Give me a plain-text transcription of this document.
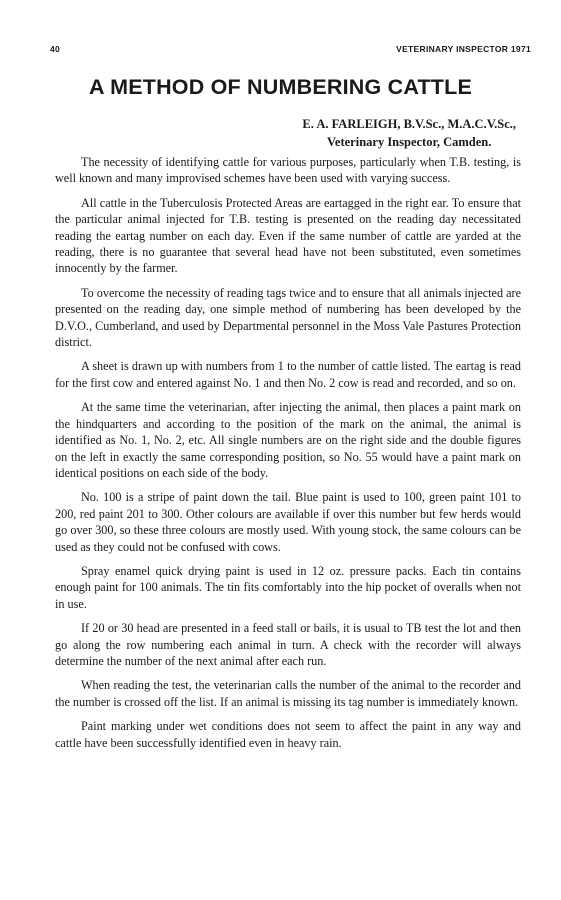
40	VETERINARY INSPECTOR 1971
A METHOD OF NUMBERING CATTLE
E. A. FARLEIGH, B.V.Sc., M.A.C.V.Sc.,
Veterinary Inspector, Camden.

The necessity of identifying cattle for various purposes, particularly when T.B. testing, is well known and many improvised schemes have been used with varying success.

All cattle in the Tuberculosis Protected Areas are eartagged in the right ear. To ensure that the particular animal injected for T.B. testing is presented on the reading day necessitated reading the eartag number on each day. Even if the same number of cattle are yarded at the reading, there is no guarantee that several head have not been substituted, even sometimes innocently by the farmer.

To overcome the necessity of reading tags twice and to ensure that all animals injected are presented on the reading day, one simple method of numbering has been developed by the D.V.O., Cumberland, and used by Departmental personnel in the Moss Vale Pastures Protection district.

A sheet is drawn up with numbers from 1 to the number of cattle listed. The eartag is read for the first cow and entered against No. 1 and then No. 2 cow is read and recorded, and so on.

At the same time the veterinarian, after injecting the animal, then places a paint mark on the hindquarters and according to the position of the mark on the animal, the animal is identified as No. 1, No. 2, etc. All single numbers are on the right side and the double figures on the left in exactly the same corresponding position, so No. 55 would have a paint mark on identical positions on each side of the body.

No. 100 is a stripe of paint down the tail. Blue paint is used to 100, green paint 101 to 200, red paint 201 to 300. Other colours are available if over this number but few herds would go over 300, so these three colours are mostly used. With young stock, the same colours can be used as they could not be confused with cows.

Spray enamel quick drying paint is used in 12 oz. pressure packs. Each tin contains enough paint for 100 animals. The tin fits comfortably into the hip pocket of overalls when not in use.

If 20 or 30 head are presented in a feed stall or bails, it is usual to TB test the lot and then go along the row numbering each animal in turn. A check with the recorder will always determine the number of the next animal after each run.

When reading the test, the veterinarian calls the number of the animal to the recorder and the number is crossed off the list. If an animal is missing its tag number is immediately known.

Paint marking under wet conditions does not seem to affect the paint in any way and cattle have been successfully identified even in heavy rain.
